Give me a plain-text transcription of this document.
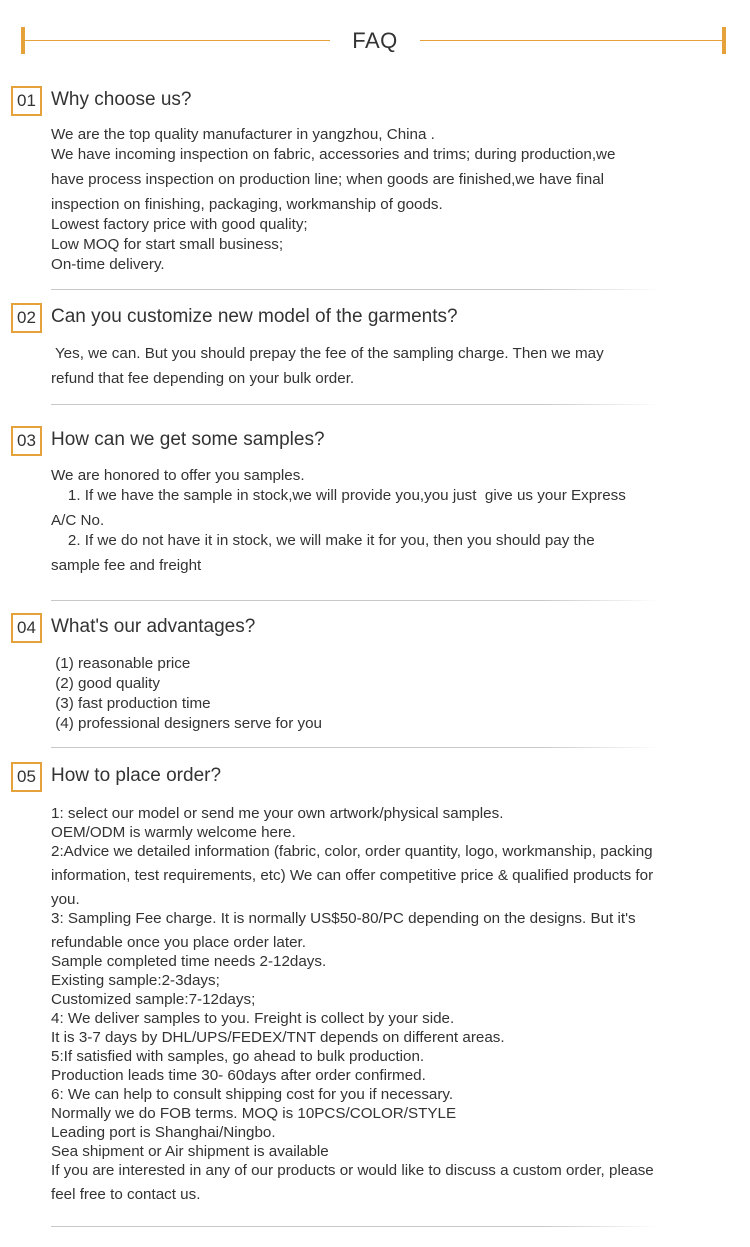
FAQ
01 Why choose us?
We are the top quality manufacturer in yangzhou, China .
We have incoming inspection on fabric, accessories and trims; during production,we
have process inspection on production line; when goods are finished,we have final
inspection on finishing, packaging, workmanship of goods.
Lowest factory price with good quality;
Low MOQ for start small business;
On-time delivery.
02 Can you customize new model of the garments?
Yes, we can. But you should prepay the fee of the sampling charge. Then we may
refund that fee depending on your bulk order.
03 How can we get some samples?
We are honored to offer you samples.
1. If we have the sample in stock,we will provide you,you just  give us your Express
A/C No.
2. If we do not have it in stock, we will make it for you, then you should pay the
sample fee and freight
04 What's our advantages?
(1) reasonable price
(2) good quality
(3) fast production time
(4) professional designers serve for you
05 How to place order?
1: select our model or send me your own artwork/physical samples.
OEM/ODM is warmly welcome here.
2:Advice we detailed information (fabric, color, order quantity, logo, workmanship, packing
information, test requirements, etc) We can offer competitive price & qualified products for
you.
3: Sampling Fee charge. It is normally US$50-80/PC depending on the designs. But it's
refundable once you place order later.
Sample completed time needs 2-12days.
Existing sample:2-3days;
Customized sample:7-12days;
4: We deliver samples to you. Freight is collect by your side.
It is 3-7 days by DHL/UPS/FEDEX/TNT depends on different areas.
5:If satisfied with samples, go ahead to bulk production.
Production leads time 30- 60days after order confirmed.
6: We can help to consult shipping cost for you if necessary.
Normally we do FOB terms. MOQ is 10PCS/COLOR/STYLE
Leading port is Shanghai/Ningbo.
Sea shipment or Air shipment is available
If you are interested in any of our products or would like to discuss a custom order, please
feel free to contact us.
